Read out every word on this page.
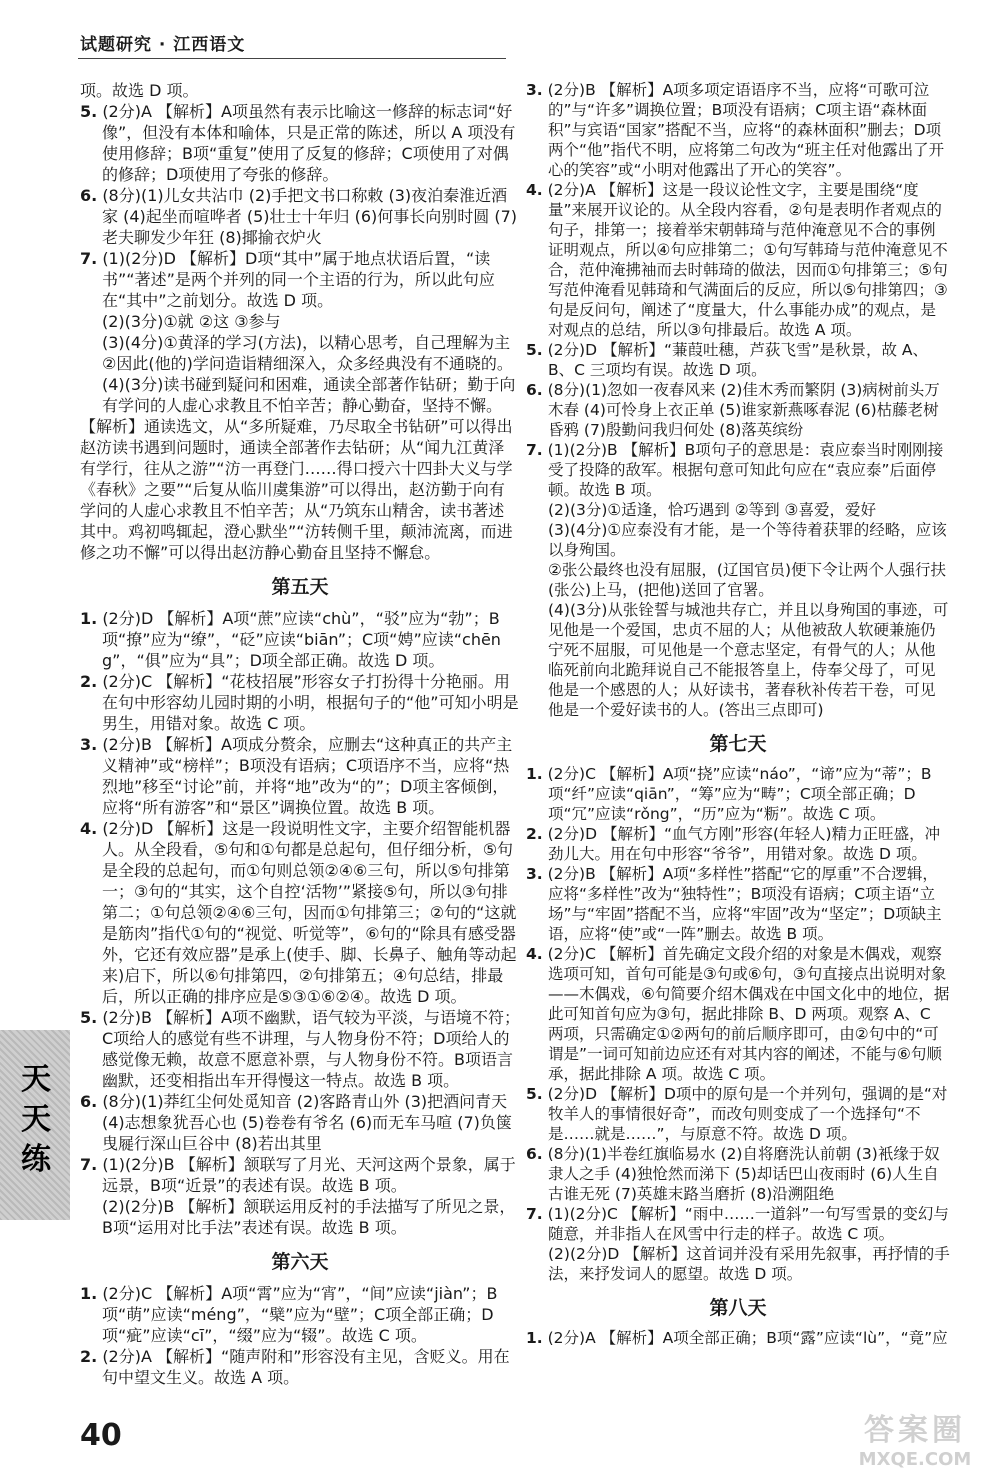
试题研究 · 江西语文

项。故选 D 项。

5. (2分)A 【解析】A项虽然有表示比喻这一修辞的标志词“好像”，但没有本体和喻体，只是正常的陈述，所以 A 项没有使用修辞；B项“重复”使用了反复的修辞；C项使用了对偶的修辞；D项使用了夸张的修辞。

6. (8分)(1)儿女共沾巾 (2)手把文书口称敕 (3)夜泊秦淮近酒家 (4)起坐而喧哗者 (5)壮士十年归 (6)何事长向别时圆 (7)老夫聊发少年狂 (8)揶揄衣炉火

7. (1)(2分)D 【解析】D项“其中”属于地点状语后置，“读书”“著述”是两个并列的同一个主语的行为，所以此句应在“其中”之前划分。故选 D 项。

(2)(3分)①就 ②这 ③参与

(3)(4分)①黄泽的学习(方法)，以精心思考，自己理解为主②因此(他的)学问造诣精细深入，众多经典没有不通晓的。

(4)(3分)读书碰到疑问和困难，通读全部著作钻研；勤于向有学问的人虚心求教且不怕辛苦；静心勤奋，坚持不懈。

【解析】通读选文，从“多所疑难，乃尽取全书钻研”可以得出赵汸读书遇到问题时，通读全部著作去钻研；从“闻九江黄泽有学行，往从之游”“汸一再登门……得口授六十四卦大义与学《春秋》之要”“后复从临川虞集游”可以得出，赵汸勤于向有学问的人虚心求教且不怕辛苦；从“乃筑东山精舍，读书著述其中。鸡初鸣辄起，澄心默坐”“汸转侧千里，颠沛流离，而进修之功不懈”可以得出赵汸静心勤奋且坚持不懈怠。

第五天

1. (2分)D 【解析】A项“蔗”应读“chù”，“驳”应为“勃”；B项“撩”应为“缭”，“砭”应读“biān”；C项“娉”应读“chēng”，“俱”应为“具”；D项全部正确。故选 D 项。

2. (2分)C 【解析】“花枝招展”形容女子打扮得十分艳丽。用在句中形容幼儿园时期的小明，根据句子的“他”可知小明是男生，用错对象。故选 C 项。

3. (2分)B 【解析】A项成分赘余，应删去“这种真正的共产主义精神”或“榜样”；B项没有语病；C项语序不当，应将“热烈地”移至“讨论”前，并将“地”改为“的”；D项主客倾倒，应将“所有游客”和“景区”调换位置。故选 B 项。

4. (2分)D 【解析】这是一段说明性文字，主要介绍智能机器人。从全段看，⑤句和①句都是总起句，但仔细分析，⑤句是全段的总起句，而①句则总领②④⑥三句，所以⑤句排第一；③句的“其实，这个自控‘活物’”紧接⑤句，所以③句排第二；①句总领②④⑥三句，因而①句排第三；②句的“这就是筋肉”指代①句的“视觉、听觉等”，⑥句的“除具有感受器外，它还有效应器”是承上(使手、脚、长鼻子、触角等动起来)启下，所以⑥句排第四，②句排第五；④句总结，排最后，所以正确的排序应是⑤③①⑥②④。故选 D 项。

5. (2分)B 【解析】A项不幽默，语气较为平淡，与语境不符；C项给人的感觉有些不讲理，与人物身份不符；D项给人的感觉像无赖，故意不愿意补票，与人物身份不符。B项语言幽默，还变相指出车开得慢这一特点。故选 B 项。

6. (8分)(1)莽红尘何处觅知音 (2)客路青山外 (3)把酒问青天 (4)志想象犹吾心也 (5)卷卷有爷名 (6)而无车马喧 (7)负箧曳屣行深山巨谷中 (8)若出其里

7. (1)(2分)B 【解析】颔联写了月光、天河这两个景象，属于远景，B项“近景”的表述有误。故选 B 项。

(2)(2分)B 【解析】颔联运用反衬的手法描写了所见之景，B项“运用对比手法”表述有误。故选 B 项。

第六天

1. (2分)C 【解析】A项“霄”应为“宵”，“间”应读“jiàn”；B项“萌”应读“méng”，“檗”应为“壁”；C项全部正确；D项“疵”应读“cī”，“缀”应为“辍”。故选 C 项。

2. (2分)A 【解析】“随声附和”形容没有主见，含贬义。用在句中望文生义。故选 A 项。

3. (2分)B 【解析】A项多项定语语序不当，应将“可歌可泣的”与“许多”调换位置；B项没有语病；C项主语“森林面积”与宾语“国家”搭配不当，应将“的森林面积”删去；D项两个“他”指代不明，应将第二句改为“班主任对他露出了开心的笑容”或“小明对他露出了开心的笑容”。

4. (2分)A 【解析】这是一段议论性文字，主要是围绕“度量”来展开议论的。从全段内容看，②句是表明作者观点的句子，排第一；接着举宋朝韩琦与范仲淹意见不合的事例证明观点，所以④句应排第二；①句写韩琦与范仲淹意见不合，范仲淹拂袖而去时韩琦的做法，因而①句排第三；⑤句写范仲淹看见韩琦和气满面后的反应，所以⑤句排第四；③句是反问句，阐述了“度量大，什么事能办成”的观点，是对观点的总结，所以③句排最后。故选 A 项。

5. (2分)D 【解析】“蒹葭吐穗，芦荻飞雪”是秋景，故 A、B、C 三项均有误。故选 D 项。

6. (8分)(1)忽如一夜春风来 (2)佳木秀而繁阴 (3)病树前头万木春 (4)可怜身上衣正单 (5)谁家新燕啄春泥 (6)枯藤老树昏鸦 (7)殷勤问我归何处 (8)落英缤纷

7. (1)(2分)B 【解析】B项句子的意思是：袁应泰当时刚刚接受了投降的敌军。根据句意可知此句应在“袁应泰”后面停顿。故选 B 项。

(2)(3分)①适逢，恰巧遇到 ②等到 ③喜爱，爱好

(3)(4分)①应泰没有才能，是一个等待着获罪的经略，应该以身殉国。

②张公最终也没有屈服，(辽国官员)便下令让两个人强行扶(张公)上马，(把他)送回了官署。

(4)(3分)从张铨誓与城池共存亡，并且以身殉国的事迹，可见他是一个爱国，忠贞不屈的人；从他被敌人软硬兼施仍宁死不屈服，可见他是一个意志坚定，有骨气的人；从他临死前向北跪拜说自己不能报答皇上，侍奉父母了，可见他是一个感恩的人；从好读书，著春秋补传若干卷，可见他是一个爱好读书的人。(答出三点即可)

第七天

1. (2分)C 【解析】A项“挠”应读“náo”，“谛”应为“蒂”；B项“纤”应读“qiān”，“筹”应为“畴”；C项全部正确；D项“冗”应读“rǒng”，“历”应为“粝”。故选 C 项。

2. (2分)D 【解析】“血气方刚”形容(年轻人)精力正旺盛，冲劲儿大。用在句中形容“爷爷”，用错对象。故选 D 项。

3. (2分)B 【解析】A项“多样性”搭配“它的厚重”不合逻辑，应将“多样性”改为“独特性”；B项没有语病；C项主语“立场”与“牢固”搭配不当，应将“牢固”改为“坚定”；D项缺主语，应将“使”或“一阵”删去。故选 B 项。

4. (2分)C 【解析】首先确定文段介绍的对象是木偶戏，观察选项可知，首句可能是③句或⑥句，③句直接点出说明对象——木偶戏，⑥句简要介绍木偶戏在中国文化中的地位，据此可知首句应为③句，据此排除 B、D 两项。观察 A、C 两项，只需确定①②两句的前后顺序即可，由②句中的“可谓是”一词可知前边应还有对其内容的阐述，不能与⑥句顺承，据此排除 A 项。故选 C 项。

5. (2分)D 【解析】D项中的原句是一个并列句，强调的是“对牧羊人的事情很好奇”，而改句则变成了一个选择句“不是……就是……”，与原意不符。故选 D 项。

6. (8分)(1)半卷红旗临易水 (2)自将磨洗认前朝 (3)衹缘于奴隶人之手 (4)独怆然而涕下 (5)却话巴山夜雨时 (6)人生自古谁无死 (7)英雄末路当磨折 (8)沿溯阻绝

7. (1)(2分)C 【解析】“雨中……一道斜”一句写雪景的变幻与随意，并非指人在风雪中行走的样子。故选 C 项。

(2)(2分)D 【解析】这首词并没有采用先叙事，再抒情的手法，来抒发词人的愿望。故选 D 项。

第八天

1. (2分)A 【解析】A项全部正确；B项“露”应读“lù”，“竟”应

天天练
40	答案圈
MXQE.COM
